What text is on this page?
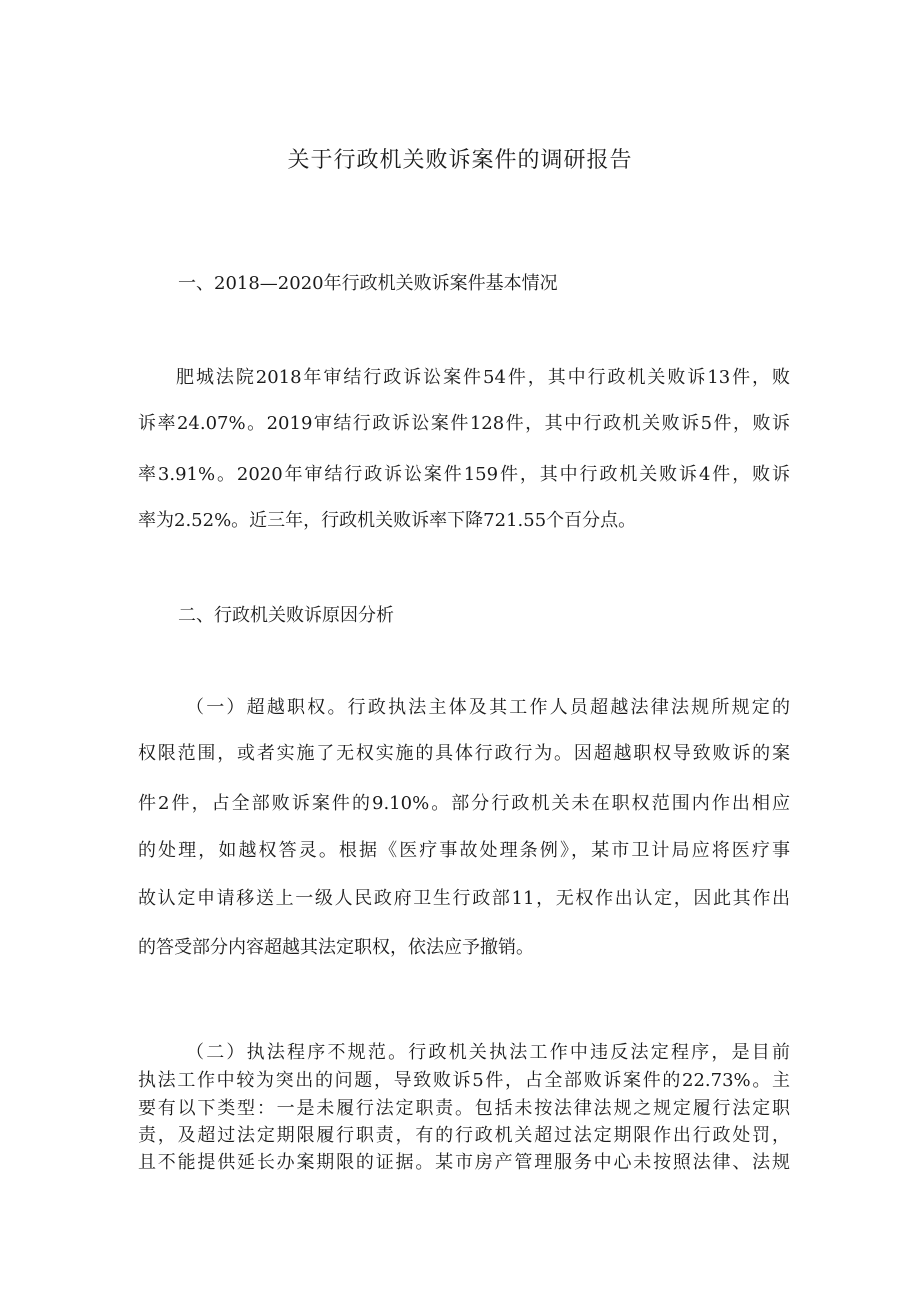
关于行政机关败诉案件的调研报告
一、2018—2020年行政机关败诉案件基本情况
肥城法院2018年审结行政诉讼案件54件，其中行政机关败诉13件，败
诉率24.07%。2019审结行政诉讼案件128件，其中行政机关败诉5件，败诉
率3.91%。2020年审结行政诉讼案件159件，其中行政机关败诉4件，败诉
率为2.52%。近三年，行政机关败诉率下降721.55个百分点。
二、行政机关败诉原因分析
（一）超越职权。行政执法主体及其工作人员超越法律法规所规定的
权限范围，或者实施了无权实施的具体行政行为。因超越职权导致败诉的案
件2件，占全部败诉案件的9.10%。部分行政机关未在职权范围内作出相应
的处理，如越权答灵。根据《医疗事故处理条例》，某市卫计局应将医疗事
故认定申请移送上一级人民政府卫生行政部11，无权作出认定，因此其作出
的答受部分内容超越其法定职权，依法应予撤销。
（二）执法程序不规范。行政机关执法工作中违反法定程序，是目前
执法工作中较为突出的问题，导致败诉5件，占全部败诉案件的22.73%。主
要有以下类型：一是未履行法定职责。包括未按法律法规之规定履行法定职
责，及超过法定期限履行职责，有的行政机关超过法定期限作出行政处罚，
且不能提供延长办案期限的证据。某市房产管理服务中心未按照法律、法规
